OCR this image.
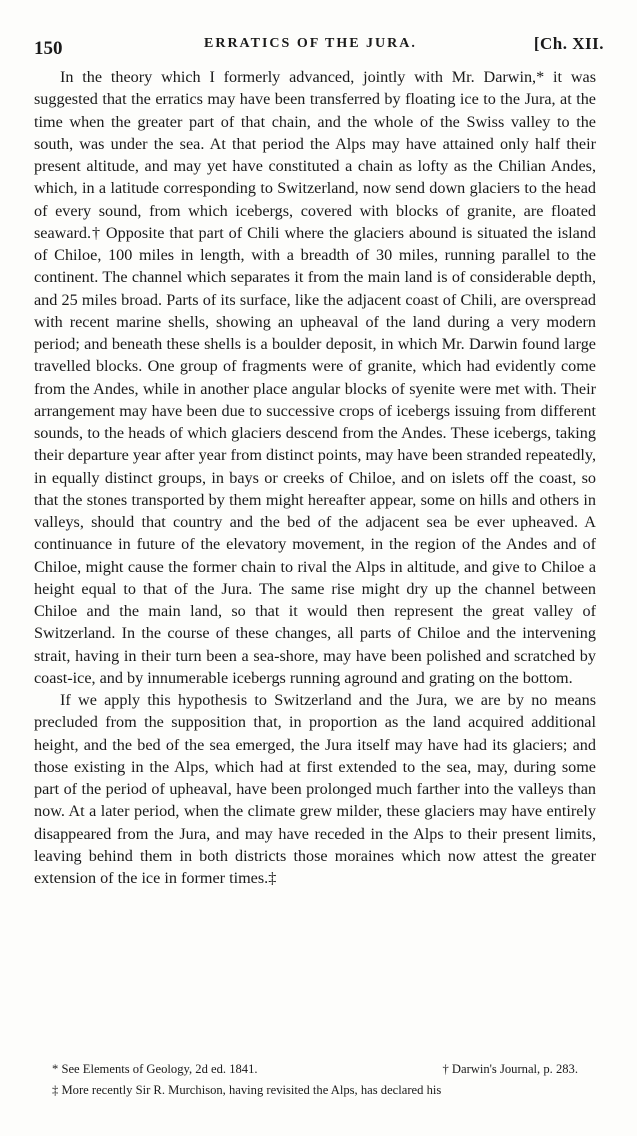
150	ERRATICS OF THE JURA.	[Ch. XII.

In the theory which I formerly advanced, jointly with Mr. Darwin,* it was suggested that the erratics may have been transferred by floating ice to the Jura, at the time when the greater part of that chain, and the whole of the Swiss valley to the south, was under the sea. At that period the Alps may have attained only half their present altitude, and may yet have constituted a chain as lofty as the Chilian Andes, which, in a latitude corresponding to Switzerland, now send down glaciers to the head of every sound, from which icebergs, covered with blocks of granite, are floated seaward.† Opposite that part of Chili where the glaciers abound is situated the island of Chiloe, 100 miles in length, with a breadth of 30 miles, running parallel to the continent. The channel which separates it from the main land is of considerable depth, and 25 miles broad. Parts of its surface, like the adjacent coast of Chili, are overspread with recent marine shells, showing an upheaval of the land during a very modern period; and beneath these shells is a boulder deposit, in which Mr. Darwin found large travelled blocks. One group of fragments were of granite, which had evidently come from the Andes, while in another place angular blocks of syenite were met with. Their arrangement may have been due to successive crops of icebergs issuing from different sounds, to the heads of which glaciers descend from the Andes. These icebergs, taking their departure year after year from distinct points, may have been stranded repeatedly, in equally distinct groups, in bays or creeks of Chiloe, and on islets off the coast, so that the stones transported by them might hereafter appear, some on hills and others in valleys, should that country and the bed of the adjacent sea be ever upheaved. A continuance in future of the elevatory movement, in the region of the Andes and of Chiloe, might cause the former chain to rival the Alps in altitude, and give to Chiloe a height equal to that of the Jura. The same rise might dry up the channel between Chiloe and the main land, so that it would then represent the great valley of Switzerland. In the course of these changes, all parts of Chiloe and the intervening strait, having in their turn been a sea-shore, may have been polished and scratched by coast-ice, and by innumerable icebergs running aground and grating on the bottom.

If we apply this hypothesis to Switzerland and the Jura, we are by no means precluded from the supposition that, in proportion as the land acquired additional height, and the bed of the sea emerged, the Jura itself may have had its glaciers; and those existing in the Alps, which had at first extended to the sea, may, during some part of the period of upheaval, have been prolonged much farther into the valleys than now. At a later period, when the climate grew milder, these glaciers may have entirely disappeared from the Jura, and may have receded in the Alps to their present limits, leaving behind them in both districts those moraines which now attest the greater extension of the ice in former times.‡

* See Elements of Geology, 2d ed. 1841.	† Darwin's Journal, p. 283.
‡ More recently Sir R. Murchison, having revisited the Alps, has declared his
